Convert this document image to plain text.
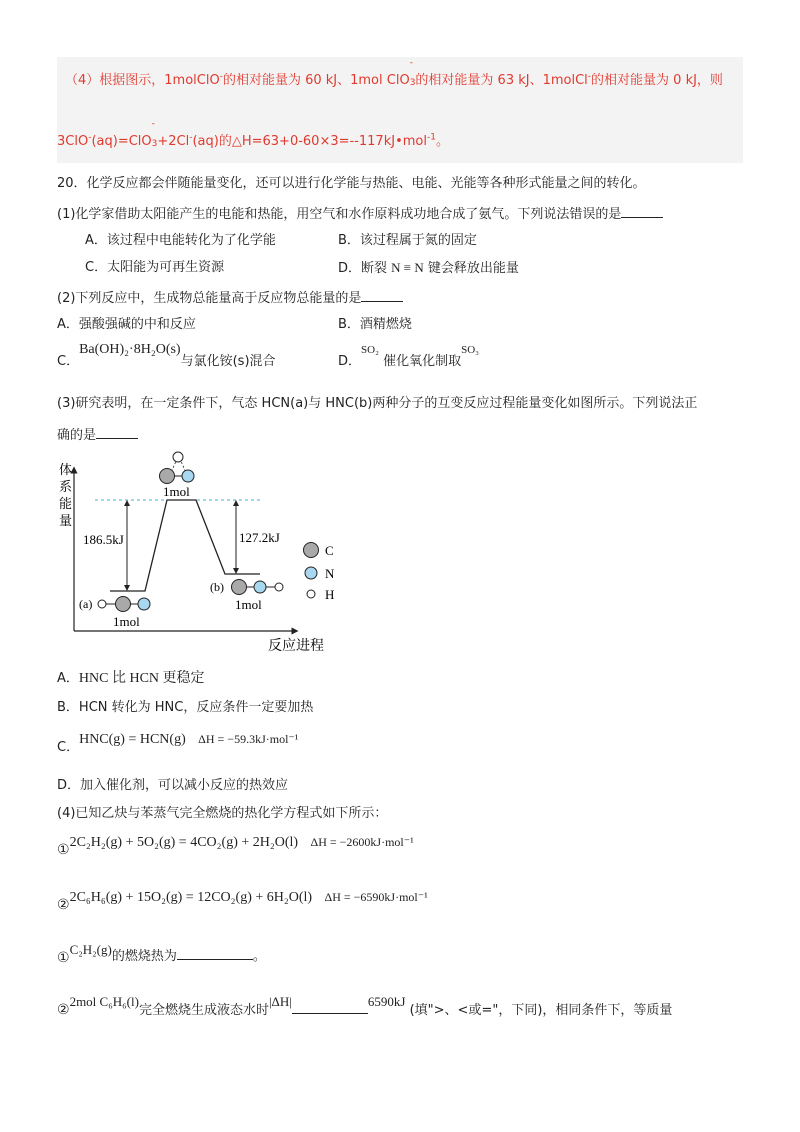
（4）根据图示，1molClO-的相对能量为 60 kJ、1mol ClO$_3$
的相对能量为 63 kJ、1molCl-的相对能量为 0 kJ，则
3ClO-(aq)=ClO$_3$
+2Cl-(aq)的△H=63+0-60×3=--117kJ•mol$^{-1}$。
20．化学反应都会伴随能量变化，还可以进行化学能与热能、电能、光能等各种形式能量之间的转化。
(1)化学家借助太阳能产生的电能和热能，用空气和水作原料成功地合成了氨气。下列说法错误的是
A．该过程中电能转化为了化学能	B．该过程属于氮的固定
C．太阳能为可再生资源	D．断裂 N ≡ N 键会释放出能量
(2)下列反应中，生成物总能量高于反应物总能量的是
A．强酸强碱的中和反应	B．酒精燃烧
C．Ba(OH)₂·8H₂O(s)与氯化铵(s)混合	D．SO₂ 催化氧化制取SO₃
(3)研究表明，在一定条件下，气态 HCN(a)与 HNC(b)两种分子的互变反应过程能量变化如图所示。下列说法正
确的是
体
系
能
量
186.5kJ	127.2kJ
1mol
(a)
1mol
(b)
1mol
C
N
H
反应进程
A．HNC 比 HCN 更稳定
B．HCN 转化为 HNC，反应条件一定要加热
C．HNC(g) = HCN(g) ΔH = −59.3kJ·mol⁻¹
D．加入催化剂，可以减小反应的热效应
(4)已知乙炔与苯蒸气完全燃烧的热化学方程式如下所示：
①2C₂H₂(g) + 5O₂(g) = 4CO₂(g) + 2H₂O(l) ΔH = −2600kJ·mol⁻¹
②2C₆H₆(g) + 15O₂(g) = 12CO₂(g) + 6H₂O(l) ΔH = −6590kJ·mol⁻¹
①C₂H₂(g)的燃烧热为	。
②2mol C₆H₆(l)完全燃烧生成液态水时|ΔH|	6590kJ (填">、<或="，下同)，相同条件下，等质量
